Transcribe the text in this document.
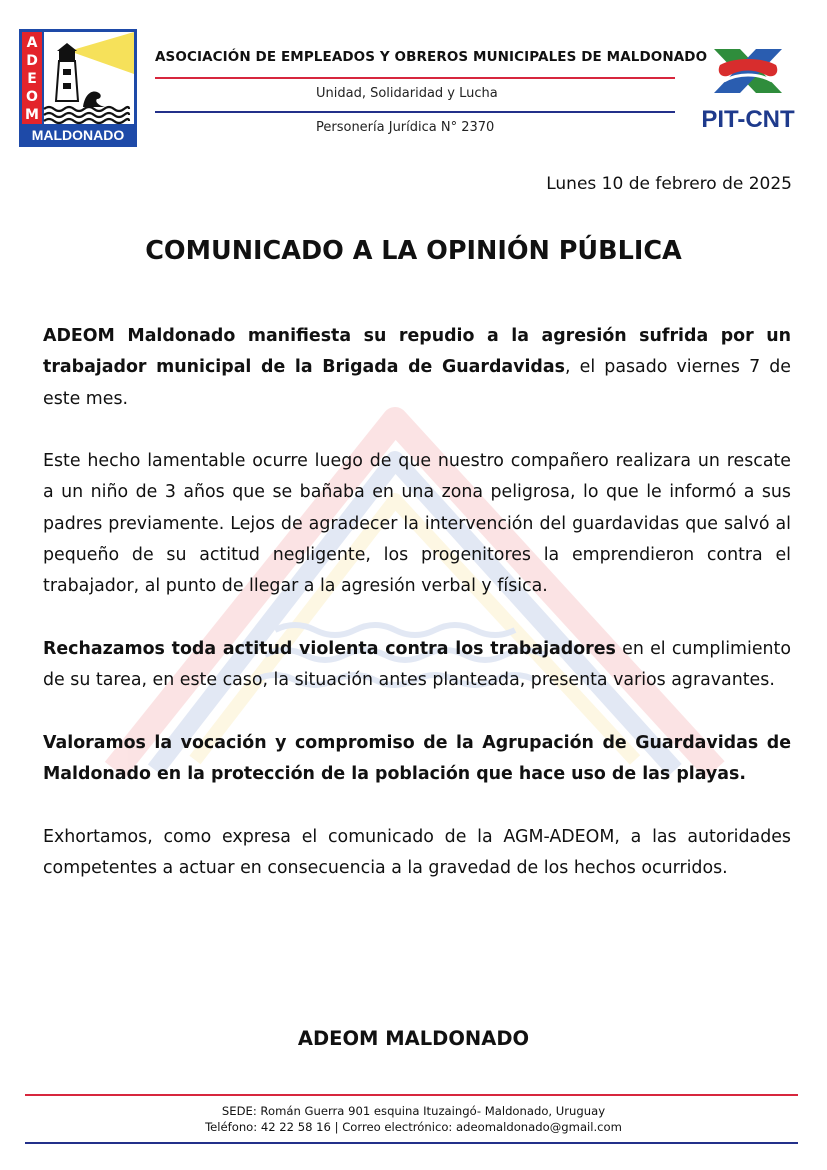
A
D
E
O
M
MALDONADO
ASOCIACIÓN DE EMPLEADOS Y OBREROS MUNICIPALES DE MALDONADO
Unidad, Solidaridad y Lucha
Personería Jurídica N° 2370	PIT-CNT
Lunes 10 de febrero de 2025
COMUNICADO A LA OPINIÓN PÚBLICA

ADEOM Maldonado manifiesta su repudio a la agresión sufrida por un trabajador municipal de la Brigada de Guardavidas, el pasado viernes 7 de este mes.

Este hecho lamentable ocurre luego de que nuestro compañero realizara un rescate a un niño de 3 años que se bañaba en una zona peligrosa, lo que le informó a sus padres previamente. Lejos de agradecer la intervención del guardavidas que salvó al pequeño de su actitud negligente, los progenitores la emprendieron contra el trabajador, al punto de llegar a la agresión verbal y física.

Rechazamos toda actitud violenta contra los trabajadores en el cumplimiento de su tarea, en este caso, la situación antes planteada, presenta varios agravantes.

Valoramos la vocación y compromiso de la Agrupación de Guardavidas de Maldonado en la protección de la población que hace uso de las playas.

Exhortamos, como expresa el comunicado de la AGM-ADEOM, a las autoridades competentes a actuar en consecuencia a la gravedad de los hechos ocurridos.

ADEOM MALDONADO
SEDE: Román Guerra 901 esquina Ituzaingó- Maldonado, Uruguay
Teléfono: 42 22 58 16 | Correo electrónico: adeomaldonado@gmail.com
